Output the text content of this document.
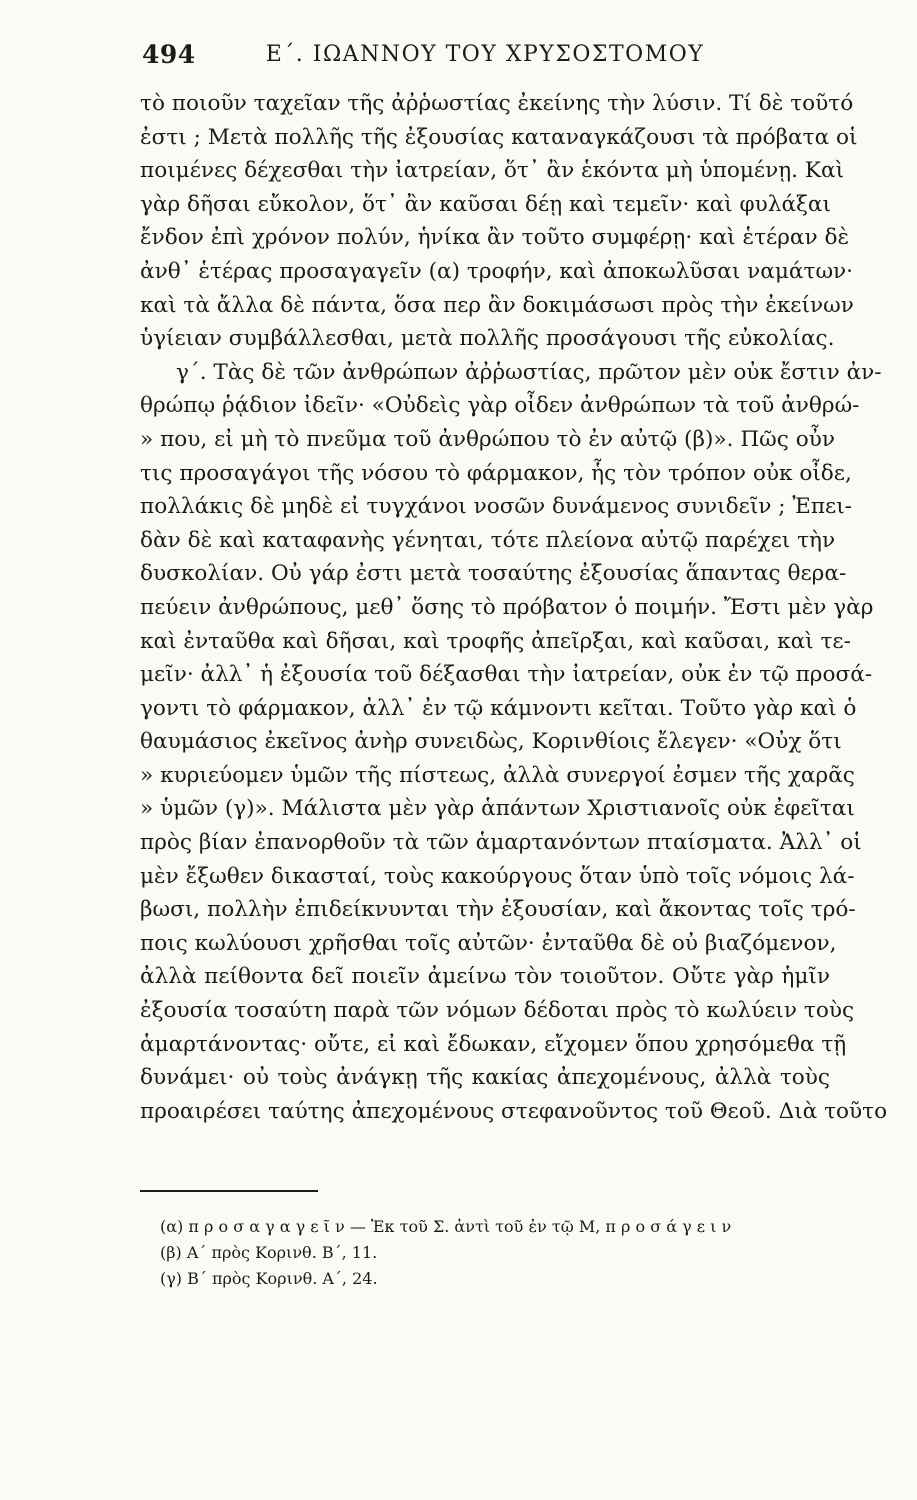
494	Ε΄. ΙΩΑΝΝΟΥ ΤΟΥ ΧΡΥΣΟΣΤΟΜΟΥ
τὸ ποιοῦν ταχεῖαν τῆς ἀῤῥωστίας ἐκείνης τὴν λύσιν. Τί δὲ τοῦτό
ἐστι ; Μετὰ πολλῆς τῆς ἐξουσίας καταναγκάζουσι τὰ πρόβατα οἱ
ποιμένες δέχεσθαι τὴν ἰατρείαν, ὅτ᾽ ἂν ἑκόντα μὴ ὑπομένῃ. Καὶ
γὰρ δῆσαι εὔκολον, ὅτ᾽ ἂν καῦσαι δέῃ καὶ τεμεῖν· καὶ φυλάξαι
ἔνδον ἐπὶ χρόνον πολύν, ἡνίκα ἂν τοῦτο συμφέρῃ· καὶ ἑτέραν δὲ
ἀνθ᾽ ἑτέρας προσαγαγεῖν (α) τροφήν, καὶ ἀποκωλῦσαι ναμάτων·
καὶ τὰ ἄλλα δὲ πάντα, ὅσα περ ἂν δοκιμάσωσι πρὸς τὴν ἐκείνων
ὑγίειαν συμβάλλεσθαι, μετὰ πολλῆς προσάγουσι τῆς εὐκολίας.
γ΄. Τὰς δὲ τῶν ἀνθρώπων ἀῤῥωστίας, πρῶτον μὲν οὐκ ἔστιν ἀν-
θρώπῳ ῥᾴδιον ἰδεῖν· «Οὐδεὶς γὰρ οἶδεν ἀνθρώπων τὰ τοῦ ἀνθρώ-
» που, εἰ μὴ τὸ πνεῦμα τοῦ ἀνθρώπου τὸ ἐν αὐτῷ (β)». Πῶς οὖν
τις προσαγάγοι τῆς νόσου τὸ φάρμακον, ἧς τὸν τρόπον οὐκ οἶδε,
πολλάκις δὲ μηδὲ εἰ τυγχάνοι νοσῶν δυνάμενος συνιδεῖν ; Ἐπει-
δὰν δὲ καὶ καταφανὴς γένηται, τότε πλείονα αὐτῷ παρέχει τὴν
δυσκολίαν. Οὐ γάρ ἐστι μετὰ τοσαύτης ἐξουσίας ἅπαντας θερα-
πεύειν ἀνθρώπους, μεθ᾽ ὅσης τὸ πρόβατον ὁ ποιμήν. Ἔστι μὲν γὰρ
καὶ ἐνταῦθα καὶ δῆσαι, καὶ τροφῆς ἀπεῖρξαι, καὶ καῦσαι, καὶ τε-
μεῖν· ἀλλ᾽ ἡ ἐξουσία τοῦ δέξασθαι τὴν ἰατρείαν, οὐκ ἐν τῷ προσά-
γοντι τὸ φάρμακον, ἀλλ᾽ ἐν τῷ κάμνοντι κεῖται. Τοῦτο γὰρ καὶ ὁ
θαυμάσιος ἐκεῖνος ἀνὴρ συνειδὼς, Κορινθίοις ἔλεγεν· «Οὐχ ὅτι
» κυριεύομεν ὑμῶν τῆς πίστεως, ἀλλὰ συνεργοί ἐσμεν τῆς χαρᾶς
» ὑμῶν (γ)». Μάλιστα μὲν γὰρ ἁπάντων Χριστιανοῖς οὐκ ἐφεῖται
πρὸς βίαν ἐπανορθοῦν τὰ τῶν ἁμαρτανόντων πταίσματα. Ἀλλ᾽ οἱ
μὲν ἔξωθεν δικασταί, τοὺς κακούργους ὅταν ὑπὸ τοῖς νόμοις λά-
βωσι, πολλὴν ἐπιδείκνυνται τὴν ἐξουσίαν, καὶ ἄκοντας τοῖς τρό-
ποις κωλύουσι χρῆσθαι τοῖς αὐτῶν· ἐνταῦθα δὲ οὐ βιαζόμενον,
ἀλλὰ πείθοντα δεῖ ποιεῖν ἀμείνω τὸν τοιοῦτον. Οὔτε γὰρ ἡμῖν
ἐξουσία τοσαύτη παρὰ τῶν νόμων δέδοται πρὸς τὸ κωλύειν τοὺς
ἁμαρτάνοντας· οὔτε, εἰ καὶ ἔδωκαν, εἴχομεν ὅπου χρησόμεθα τῇ
δυνάμει· οὐ τοὺς ἀνάγκῃ τῆς κακίας ἀπεχομένους, ἀλλὰ τοὺς
προαιρέσει ταύτης ἀπεχομένους στεφανοῦντος τοῦ Θεοῦ. Διὰ τοῦτο
(α) π ρ ο σ α γ α γ ε ῖ ν — Ἐκ τοῦ Σ. ἀντὶ τοῦ ἐν τῷ Μ, π ρ ο σ ά γ ε ι ν
(β) Α΄ πρὸς Κορινθ. Β΄, 11.
(γ) Β΄ πρὸς Κορινθ. Α΄, 24.
